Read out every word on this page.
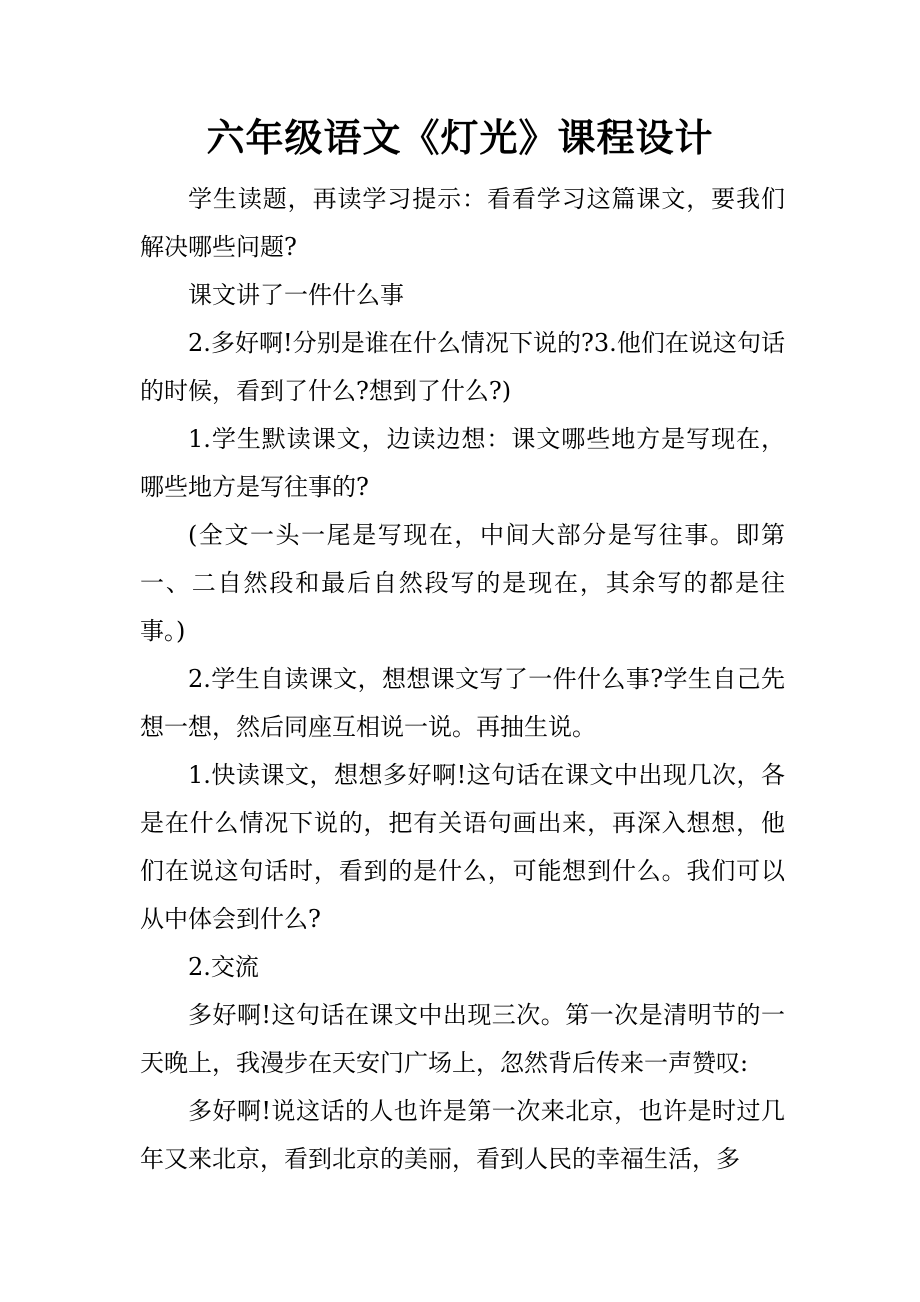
六年级语文《灯光》课程设计

学生读题，再读学习提示：看看学习这篇课文，要我们解决哪些问题?

课文讲了一件什么事

2.多好啊!分别是谁在什么情况下说的?3.他们在说这句话的时候，看到了什么?想到了什么?)

1.学生默读课文，边读边想：课文哪些地方是写现在，哪些地方是写往事的?

(全文一头一尾是写现在，中间大部分是写往事。即第一、二自然段和最后自然段写的是现在，其余写的都是往事。)

2.学生自读课文，想想课文写了一件什么事?学生自己先想一想，然后同座互相说一说。再抽生说。

1.快读课文，想想多好啊!这句话在课文中出现几次，各是在什么情况下说的，把有关语句画出来，再深入想想，他们在说这句话时，看到的是什么，可能想到什么。我们可以从中体会到什么?

2.交流

多好啊!这句话在课文中出现三次。第一次是清明节的一天晚上，我漫步在天安门广场上，忽然背后传来一声赞叹:

多好啊!说这话的人也许是第一次来北京，也许是时过几年又来北京，看到北京的美丽，看到人民的幸福生活，多
